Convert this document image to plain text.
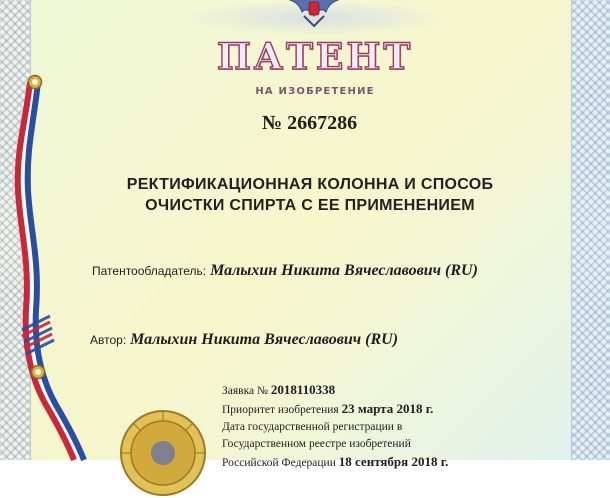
ПАТЕНТ
НА ИЗОБРЕТЕНИЕ
№ 2667286
РЕКТИФИКАЦИОННАЯ КОЛОННА И СПОСОБ
ОЧИСТКИ СПИРТА С ЕЕ ПРИМЕНЕНИЕМ
Патентообладатель: Малыхин Никита Вячеславович (RU)
Автор: Малыхин Никита Вячеславович (RU)
Заявка № 2018110338
Приоритет изобретения 23 марта 2018 г.
Дата государственной регистрации в
Государственном реестре изобретений
Российской Федерации 18 сентября 2018 г.
